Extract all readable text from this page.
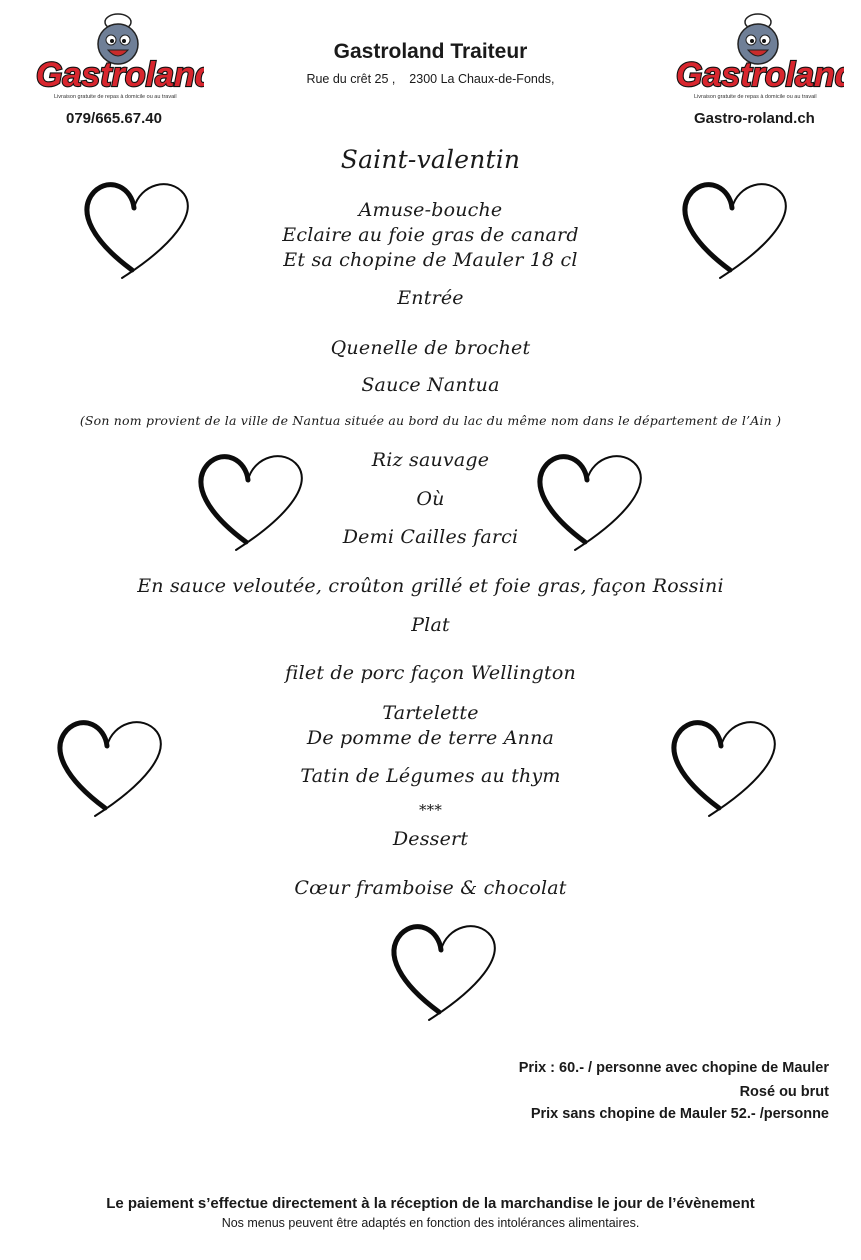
Gastroland
Livraison gratuite de repas à domicile ou au travail
Gastroland
Livraison gratuite de repas à domicile ou au travail
Gastroland Traiteur
Rue du crêt 25 ,    2300 La Chaux-de-Fonds,
079/665.67.40	Gastro-roland.ch
Saint-valentin
Amuse-bouche
Eclaire au foie gras de canard
Et sa chopine de Mauler 18 cl
Entrée
Quenelle de brochet
Sauce Nantua
(Son nom provient de la ville de Nantua située au bord du lac du même nom dans le département de l’Ain )
Riz sauvage
Où
Demi Cailles farci
En sauce veloutée, croûton grillé et foie gras, façon Rossini
Plat
filet de porc façon Wellington
Tartelette
De pomme de terre Anna
Tatin de Légumes au thym
***
Dessert
Cœur framboise & chocolat
Prix : 60.- / personne avec chopine de Mauler
Rosé ou brut
Prix sans chopine de Mauler 52.- /personne
Le paiement s’effectue directement à la réception de la marchandise le jour de l’évènement
Nos menus peuvent être adaptés en fonction des intolérances alimentaires.
